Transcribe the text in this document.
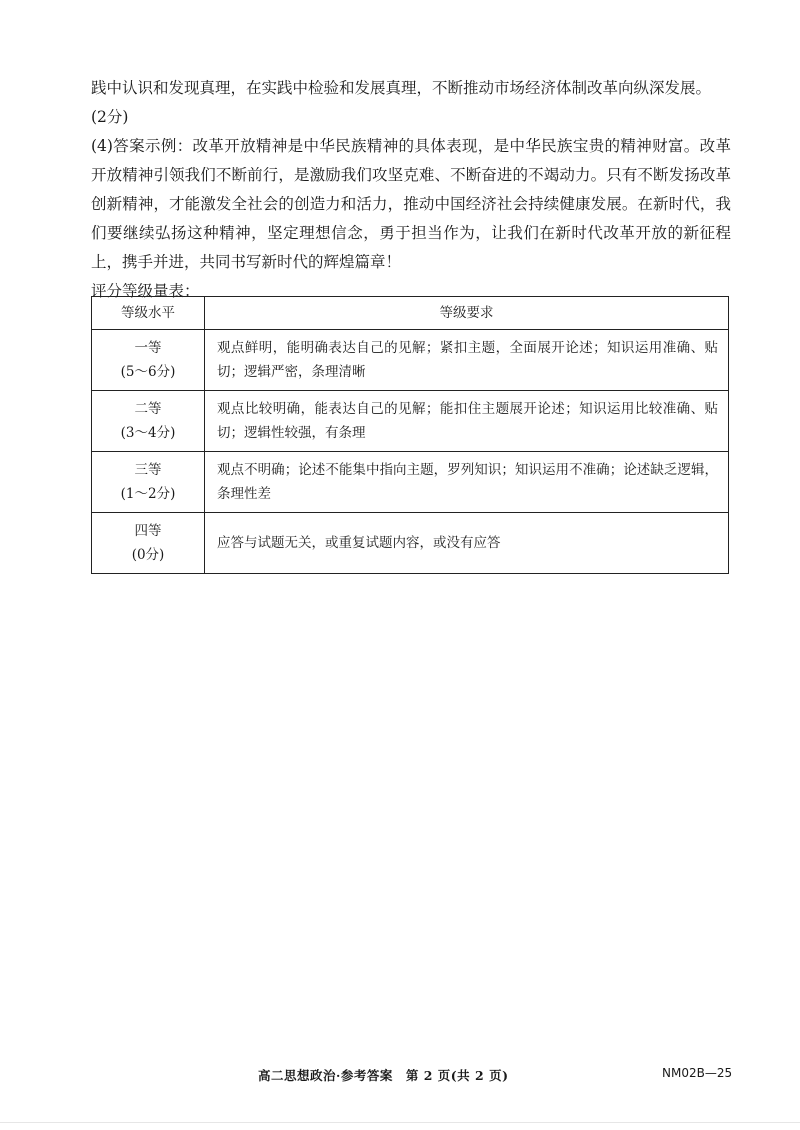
践中认识和发现真理，在实践中检验和发展真理，不断推动市场经济体制改革向纵深发展。

(2分)

(4)答案示例：改革开放精神是中华民族精神的具体表现，是中华民族宝贵的精神财富。改革开放精神引领我们不断前行，是激励我们攻坚克难、不断奋进的不竭动力。只有不断发扬改革创新精神，才能激发全社会的创造力和活力，推动中国经济社会持续健康发展。在新时代，我们要继续弘扬这种精神，坚定理想信念，勇于担当作为，让我们在新时代改革开放的新征程上，携手并进，共同书写新时代的辉煌篇章！

评分等级量表：

等级水平	等级要求

一等
(5～6分)	观点鲜明，能明确表达自己的见解；紧扣主题，全面展开论述；知识运用准确、贴切；逻辑严密，条理清晰

二等
(3～4分)	观点比较明确，能表达自己的见解；能扣住主题展开论述；知识运用比较准确、贴切；逻辑性较强，有条理

三等
(1～2分)	观点不明确；论述不能集中指向主题，罗列知识；知识运用不准确；论述缺乏逻辑，条理性差

四等
(0分)	应答与试题无关，或重复试题内容，或没有应答
高二思想政治·参考答案　第 2 页(共 2 页)	NM02B—25
